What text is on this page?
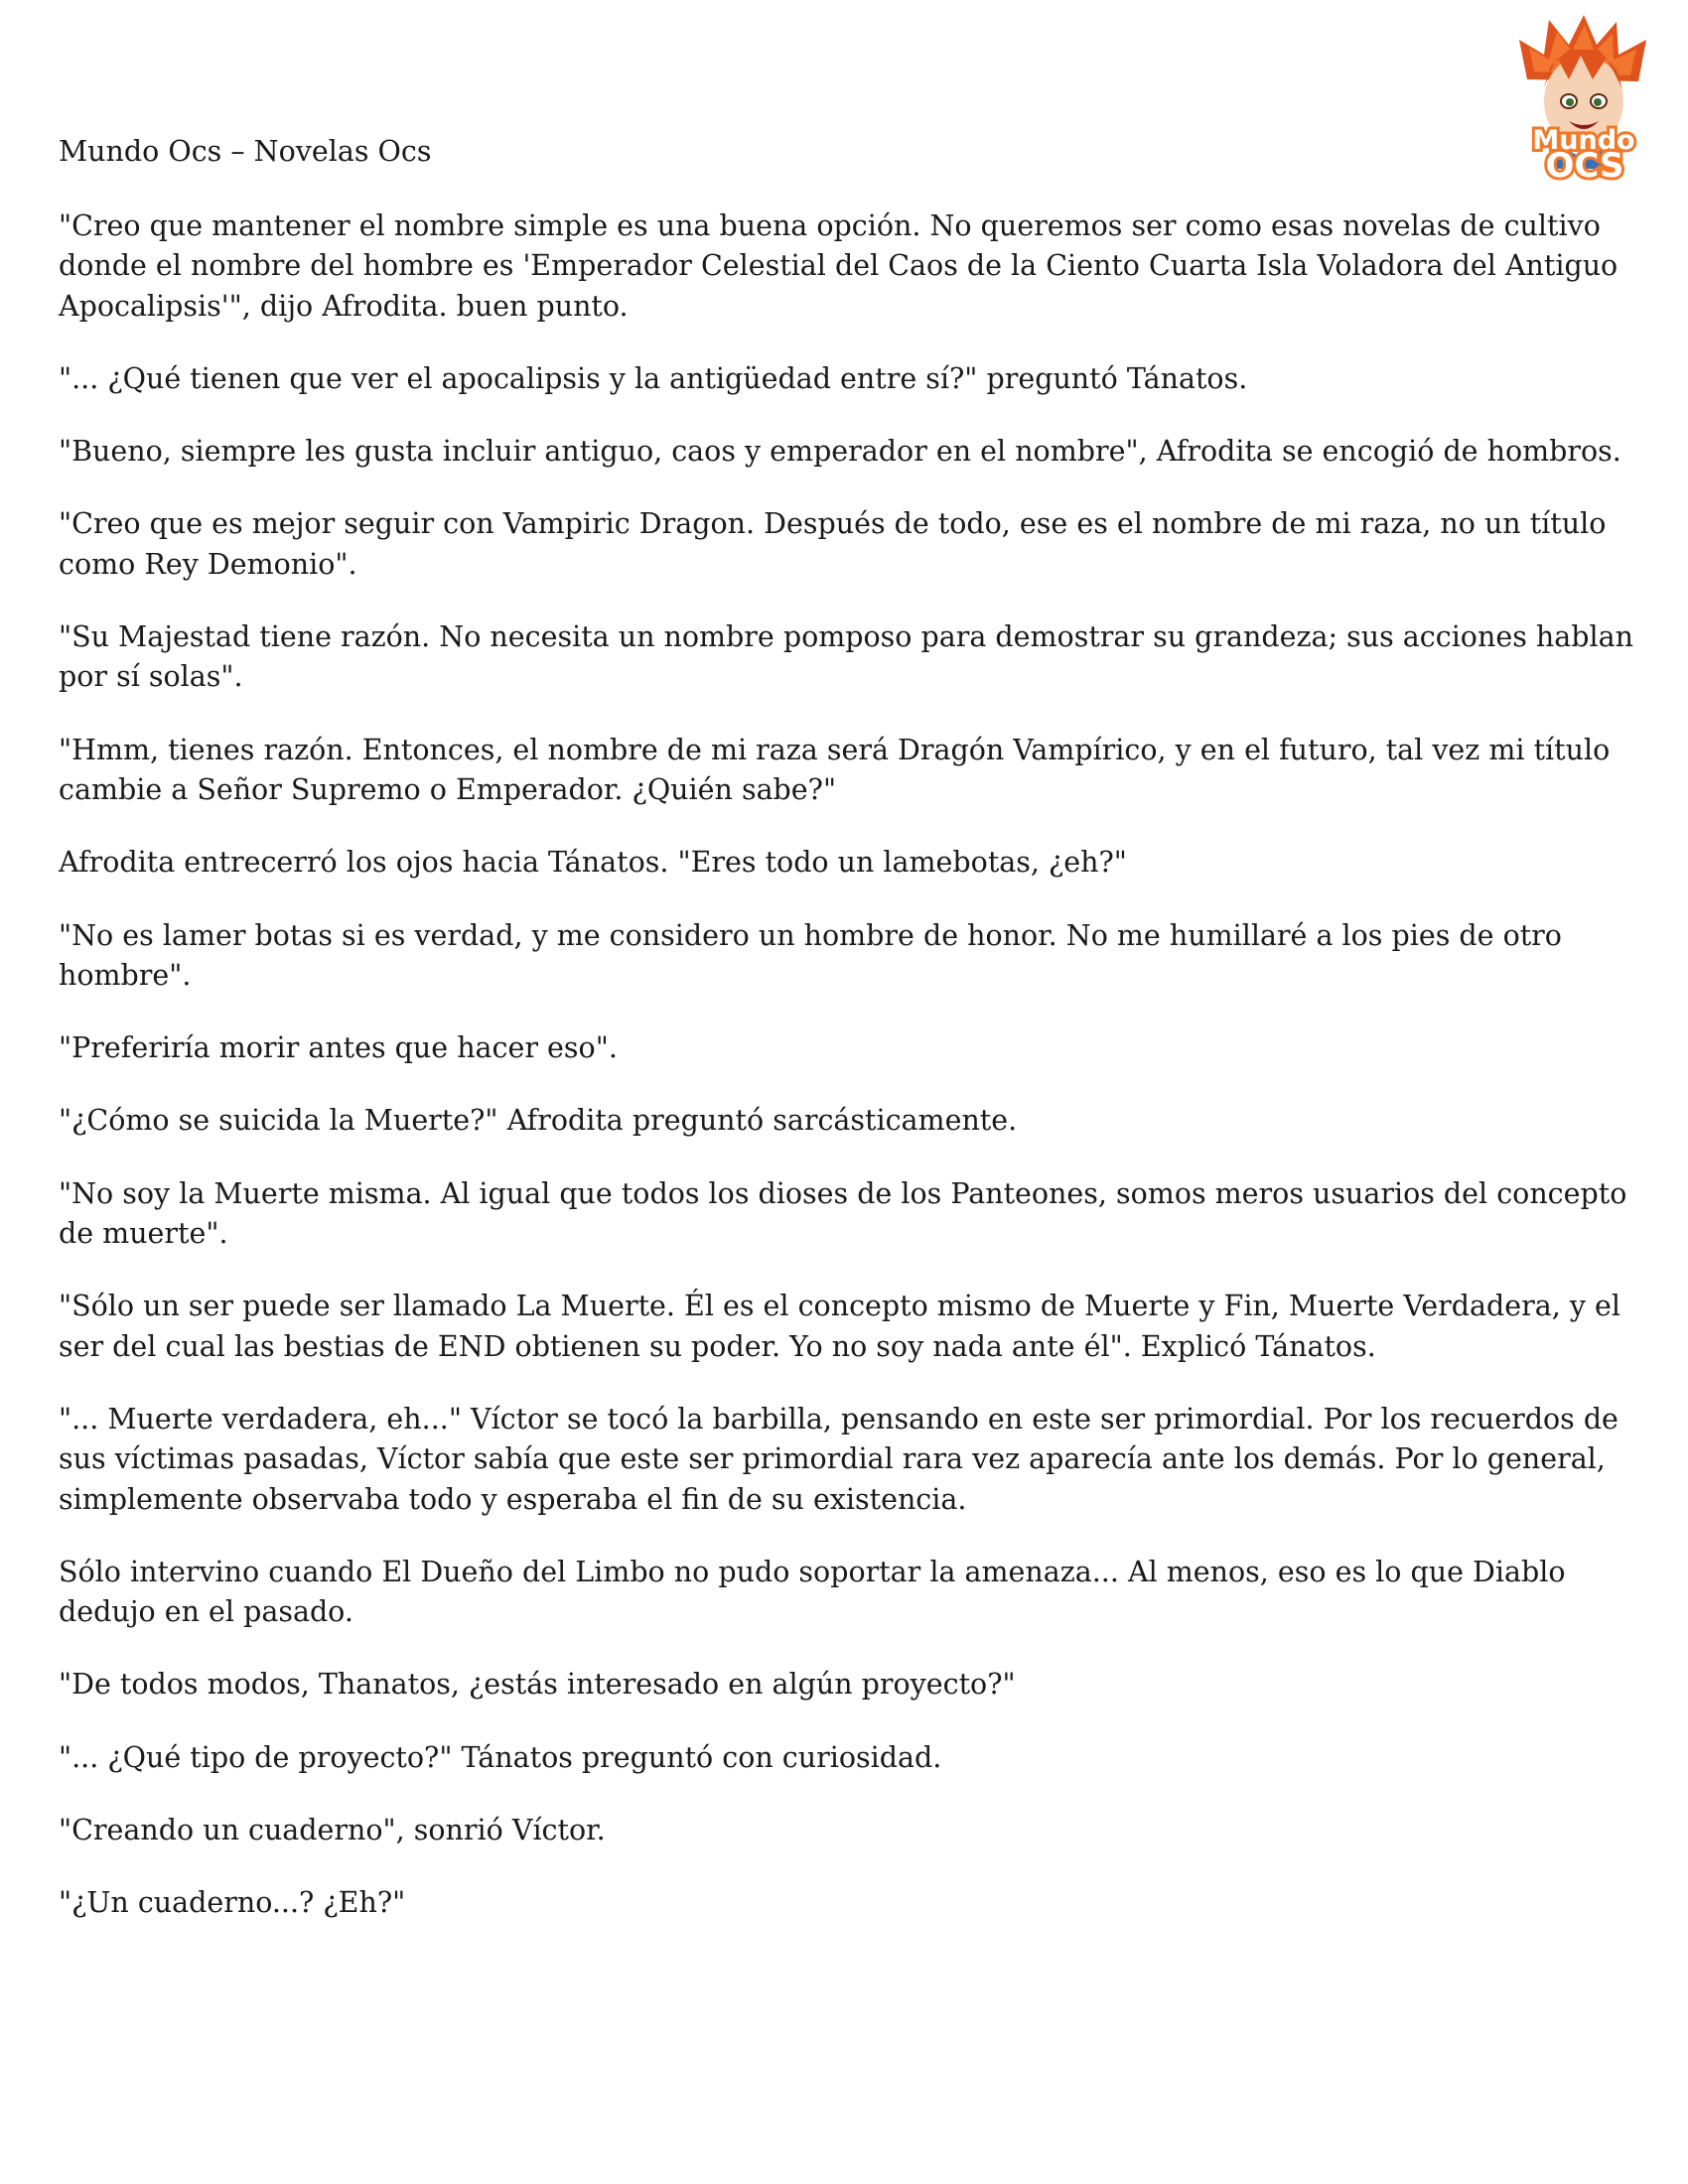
Mundo Ocs – Novelas Ocs	Mundo
OCS

"Creo que mantener el nombre simple es una buena opción. No queremos ser como esas novelas de cultivo donde el nombre del hombre es 'Emperador Celestial del Caos de la Ciento Cuarta Isla Voladora del Antiguo Apocalipsis'", dijo Afrodita. buen punto.

"... ¿Qué tienen que ver el apocalipsis y la antigüedad entre sí?" preguntó Tánatos.

"Bueno, siempre les gusta incluir antiguo, caos y emperador en el nombre", Afrodita se encogió de hombros.

"Creo que es mejor seguir con Vampiric Dragon. Después de todo, ese es el nombre de mi raza, no un título como Rey Demonio".

"Su Majestad tiene razón. No necesita un nombre pomposo para demostrar su grandeza; sus acciones hablan por sí solas".

"Hmm, tienes razón. Entonces, el nombre de mi raza será Dragón Vampírico, y en el futuro, tal vez mi título cambie a Señor Supremo o Emperador. ¿Quién sabe?"

Afrodita entrecerró los ojos hacia Tánatos. "Eres todo un lamebotas, ¿eh?"

"No es lamer botas si es verdad, y me considero un hombre de honor. No me humillaré a los pies de otro hombre".

"Preferiría morir antes que hacer eso".

"¿Cómo se suicida la Muerte?" Afrodita preguntó sarcásticamente.

"No soy la Muerte misma. Al igual que todos los dioses de los Panteones, somos meros usuarios del concepto de muerte".

"Sólo un ser puede ser llamado La Muerte. Él es el concepto mismo de Muerte y Fin, Muerte Verdadera, y el ser del cual las bestias de END obtienen su poder. Yo no soy nada ante él". Explicó Tánatos.

"... Muerte verdadera, eh..." Víctor se tocó la barbilla, pensando en este ser primordial. Por los recuerdos de sus víctimas pasadas, Víctor sabía que este ser primordial rara vez aparecía ante los demás. Por lo general, simplemente observaba todo y esperaba el fin de su existencia.

Sólo intervino cuando El Dueño del Limbo no pudo soportar la amenaza... Al menos, eso es lo que Diablo dedujo en el pasado.

"De todos modos, Thanatos, ¿estás interesado en algún proyecto?"

"... ¿Qué tipo de proyecto?" Tánatos preguntó con curiosidad.

"Creando un cuaderno", sonrió Víctor.

"¿Un cuaderno...? ¿Eh?"
